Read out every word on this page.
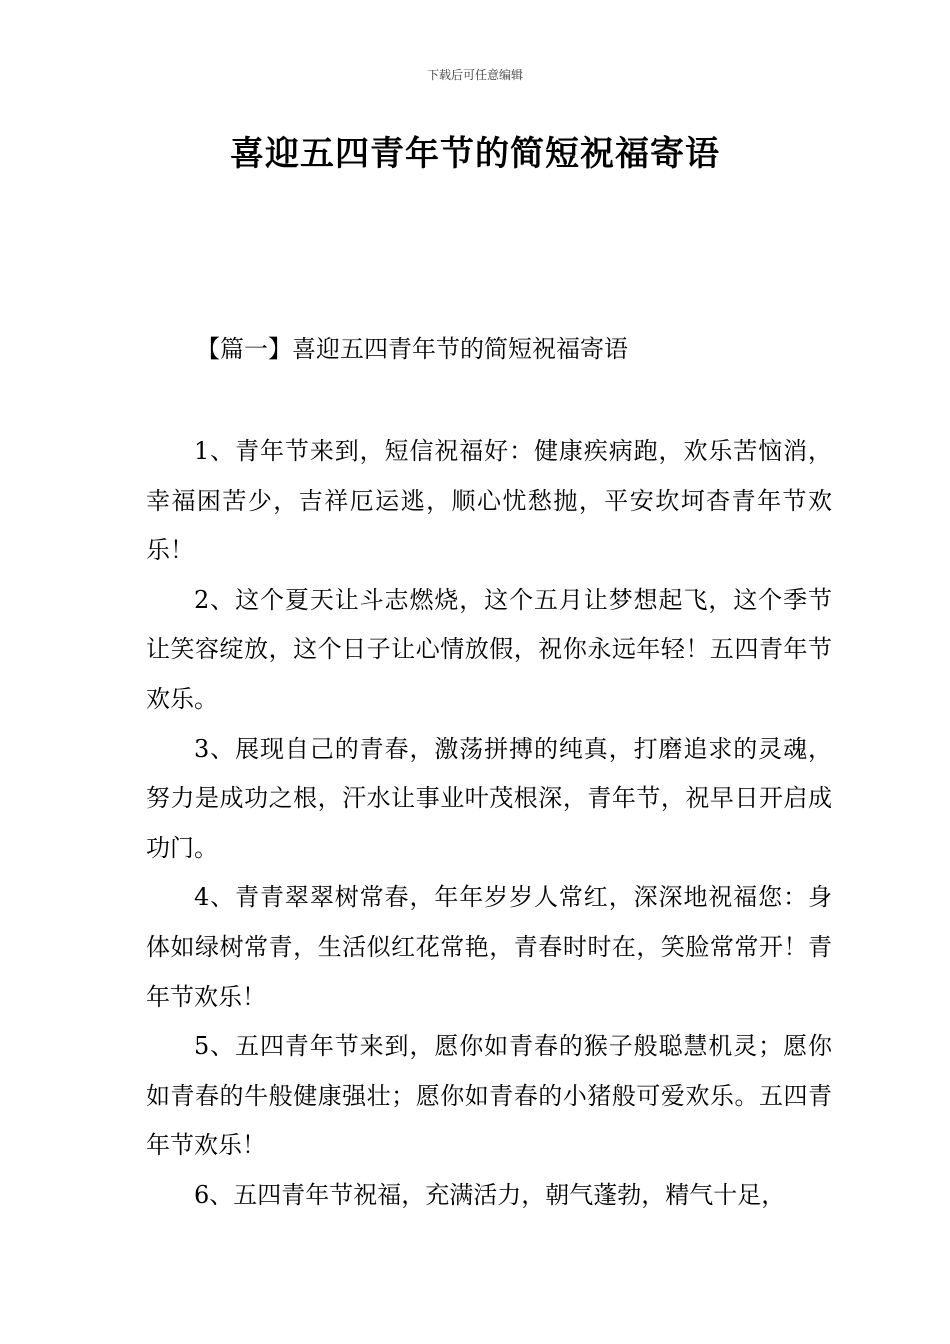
下载后可任意编辑
喜迎五四青年节的简短祝福寄语
【篇一】喜迎五四青年节的简短祝福寄语

1、青年节来到，短信祝福好：健康疾病跑，欢乐苦恼消，幸福困苦少，吉祥厄运逃，顺心忧愁抛，平安坎坷杳青年节欢乐！

2、这个夏天让斗志燃烧，这个五月让梦想起飞，这个季节让笑容绽放，这个日子让心情放假，祝你永远年轻！五四青年节欢乐。

3、展现自己的青春，激荡拼搏的纯真，打磨追求的灵魂，努力是成功之根，汗水让事业叶茂根深，青年节，祝早日开启成功门。

4、青青翠翠树常春，年年岁岁人常红，深深地祝福您：身体如绿树常青，生活似红花常艳，青春时时在，笑脸常常开！青年节欢乐！

5、五四青年节来到，愿你如青春的猴子般聪慧机灵；愿你如青春的牛般健康强壮；愿你如青春的小猪般可爱欢乐。五四青年节欢乐！

6、五四青年节祝福，充满活力，朝气蓬勃，精气十足，
